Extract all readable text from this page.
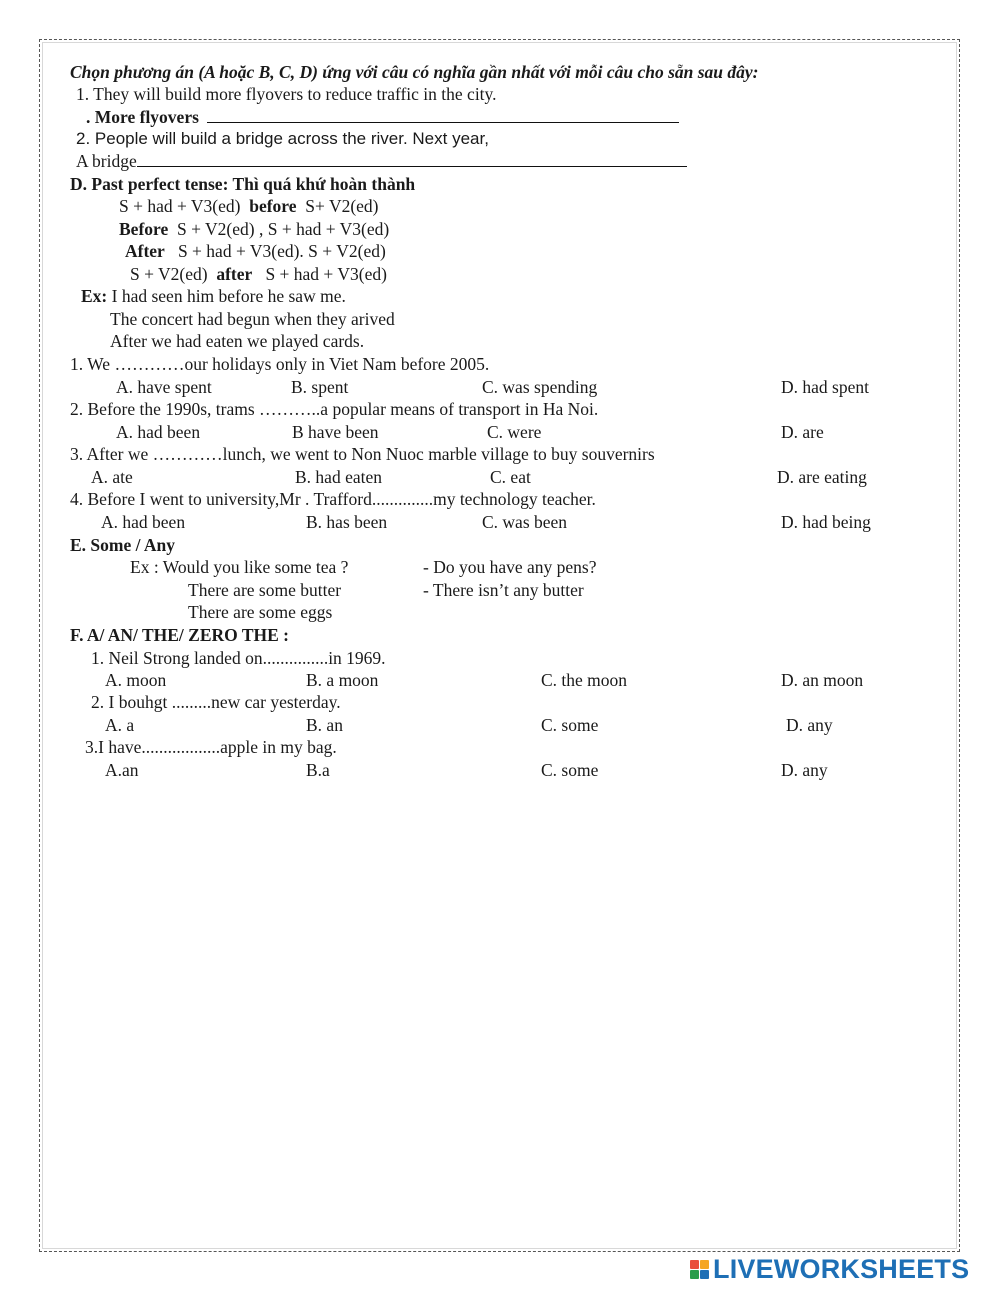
Chọn phương án (A hoặc B, C, D) ứng với câu có nghĩa gần nhất với mỗi câu cho sẵn sau đây:
1. They will build more flyovers to reduce traffic in the city.
. More flyovers
2. People will build a bridge across the river. Next year,
A bridge
D. Past perfect tense: Thì quá khứ hoàn thành
S + had + V3(ed) before S+ V2(ed)
Before S + V2(ed) , S + had + V3(ed)
After S + had + V3(ed). S + V2(ed)
S + V2(ed) after S + had + V3(ed)
Ex: I had seen him before he saw me.
The concert had begun when they arived
After we had eaten we played cards.
1. We …………our holidays only in Viet Nam before 2005.
A. have spent	B. spent	C. was spending	D. had spent
2. Before the 1990s, trams ………..a popular means of transport in Ha Noi.
A. had been	B have been	C. were	D. are
3. After we …………lunch, we went to Non Nuoc marble village to buy souvernirs
A. ate	B. had eaten	C. eat	D. are eating
4. Before I went to university,Mr . Trafford..............my technology teacher.
A. had been	B. has been	C. was been	D. had being
E. Some / Any
Ex : Would you like some tea ?	- Do you have any pens?
There are some butter	- There isn’t any butter
There are some eggs
F. A/ AN/ THE/ ZERO THE :
1. Neil Strong landed on...............in 1969.
A. moon	B. a moon	C. the moon	D. an moon
2. I bouhgt .........new car yesterday.
A. a	B. an	C. some	D. any
3.I have..................apple in my bag.
A.an	B.a	C. some	D. any
LIVEWORKSHEETS
